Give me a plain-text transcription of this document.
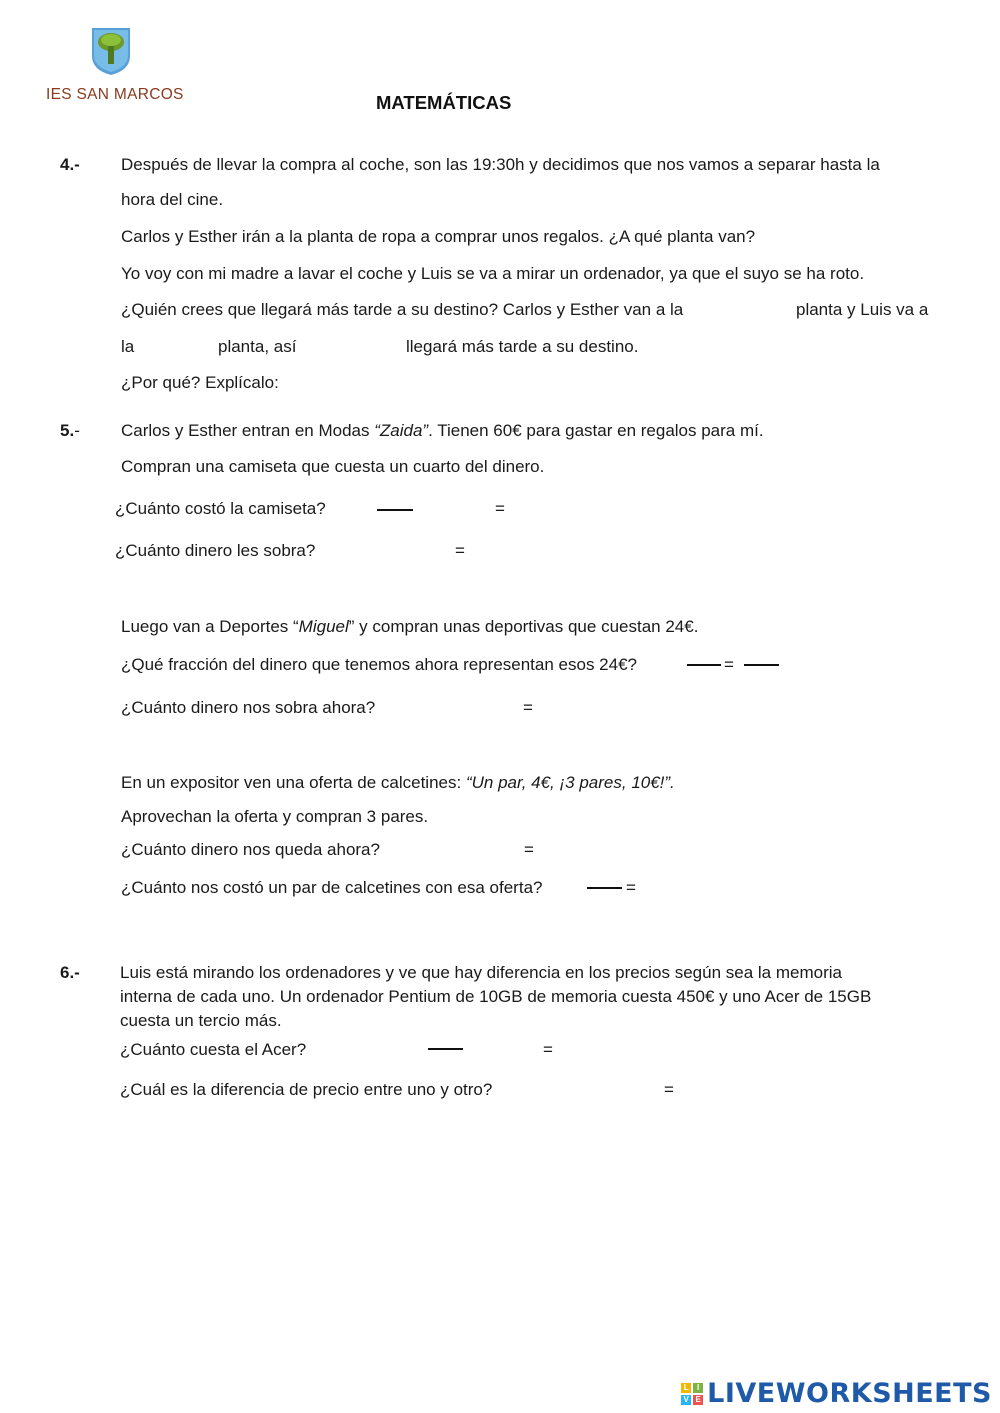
IES SAN MARCOS	MATEMÁTICAS
4.- Después de llevar la compra al coche, son las 19:30h y decidimos que nos vamos a separar hasta la
hora del cine.
Carlos y Esther irán a la planta de ropa a comprar unos regalos. ¿A qué planta van?
Yo voy con mi madre a lavar el coche y Luis se va a mirar un ordenador, ya que el suyo se ha roto.
¿Quién crees que llegará más tarde a su destino? Carlos y Esther van a la	planta y Luis va a
la	planta, así	llegará más tarde a su destino.
¿Por qué? Explícalo:
5.- Carlos y Esther entran en Modas “Zaida”. Tienen 60€ para gastar en regalos para mí.
Compran una camiseta que cuesta un cuarto del dinero.
¿Cuánto costó la camiseta?	=
¿Cuánto dinero les sobra?	=
Luego van a Deportes “Miguel” y compran unas deportivas que cuestan 24€.
¿Qué fracción del dinero que tenemos ahora representan esos 24€?	=
¿Cuánto dinero nos sobra ahora?	=
En un expositor ven una oferta de calcetines: “Un par, 4€, ¡3 pares, 10€!”.
Aprovechan la oferta y compran 3 pares.
¿Cuánto dinero nos queda ahora?	=
¿Cuánto nos costó un par de calcetines con esa oferta?	=
6.- Luis está mirando los ordenadores y ve que hay diferencia en los precios según sea la memoria
interna de cada uno. Un ordenador Pentium de 10GB de memoria cuesta 450€ y uno Acer de 15GB
cuesta un tercio más.
¿Cuánto cuesta el Acer?	=
¿Cuál es la diferencia de precio entre uno y otro?	=
L	I
V E LIVEWORKSHEETS
